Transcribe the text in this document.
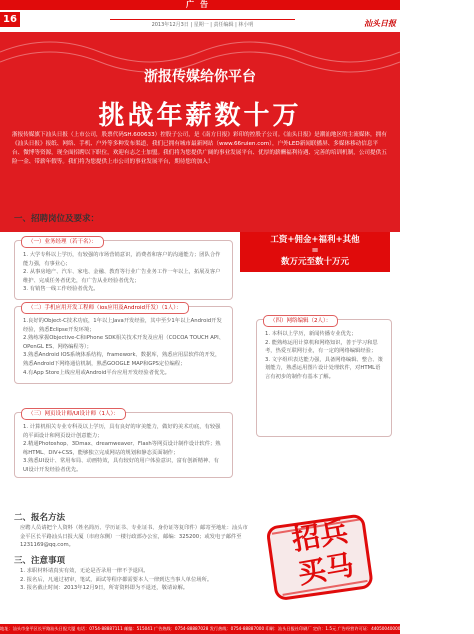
广告
16	2013年12月3日 | 星期一 | 责任编辑 | 林小明	汕头日报
浙报传媒给你平台
挑战年薪数十万
浙报传媒旗下汕头日报（上市公司，股票代码SH.600633）控股子公司，是《南方日报》彩印的控股子公司。《汕头日报》是潮汕地区的主流媒体，拥有《汕头日报》报纸、网络、手机、户外等多种发布渠道，我们已拥有城市最新网站（www.66ruien.com），户外LED新闻联播屏、多媒体移动信息平台、微博等资源，现全面招聘以下职位，欢迎有志之士加盟。我们将为您提供广阔的事业发展平台、优厚的薪酬福利待遇、完善的培训机制，公司提供五险一金、带薪年假等。我们将为您提供上市公司的事业发展平台，期待您的加入！
一、招聘岗位及要求：
（一）业务经理（若干名）：

1. 大学专科以上学历，有较强的市场营销意识，消费者和客户的沟通能力；团队合作能力强，有事业心；

2. 从事房地产、汽车、家电、金融、教育等行业广告业务工作一年以上，拓展及客户维护、完成任务者优先，有广告从业经验者优先；

3. 有销售一线工作经验者优先。

工资+佣金+福利+其他
=
数万元至数十万元
（二）手机应用开发工程师（ios应用及Android开发）（1人）：

1.良好的Object-C技术功底，1年以上Java开发经验，其中至少1年以上Android开发经验，熟悉Eclipse开发环境；

2.熟练掌握Objective-C和iPhone SDK相关技术开发及应用（COCOA TOUCH API、OPenGL ES、网络编程等）；

3.熟悉Android IOS系统体系结构，framework、数据库，熟悉应用层软件的开发，熟悉Android下网络通信机制，熟悉GOOGLE MAP和GPS定位编程；

4.有App Store上线应用或Android平台应用开发经验者优先。

（四）网络编辑（2人）：

1. 本科以上学历，新闻传播专业优先；

2. 能熟练运用计算机和网络知识，善于学习和思考，热爱互联网行业，有一定的网络编辑经验；

3. 文字组织表达能力强，具备网络编辑、整合、策划能力，熟悉运用图片设计处理软件，对HTML语言有初步的制作有基本了解。

（三）网页设计师/UI设计师（1人）：

1. 计算机相关专业专科及以上学历，具有良好的审美能力，做好的美术功底，有较强的平面设计和网页设计创意能力；

2.精通Photoshop、3Dmax、dreamweaver、Flash等网页设计制作设计软件；熟练HTML、DIV+CSS，能够独立完成网站的规划和静态页面制作；

3.熟悉UI设计、常用布局、动画特效，具有较好的用户体验意识，富有创新精神、有UI设计开发经验者优先。

二、报名方法
应聘人员请把个人资料（姓名简历、学历证书、专业证书、身份证等复印件）邮寄至地址：汕头市金平区长平路汕头日报大厦（市府东侧）一楼行政部办公室，邮编：325200；或发电子邮件至1231169@qq.com。
三、注意事项

1. 求职材料请真实有效，无论是否录用一律不予退回。

2. 报名后，凡通过初审，笔试，面试等程序都需要本人一律到达当事人单位场所。

3. 报名截止时间：2013年12月9日，所寄资料即为不退还，敬请谅解。

招兵
买马
地址：汕头市金平区长平路汕头日报大厦 电话：0754-88887111 邮编：515041 广告热线：0754-88887028 发行热线：0754-88887000 印刷：汕头日报社印刷厂 定价：1.5元 广告经营许可证：4405004000022 本报法律顾问：广东某某律师事务所
